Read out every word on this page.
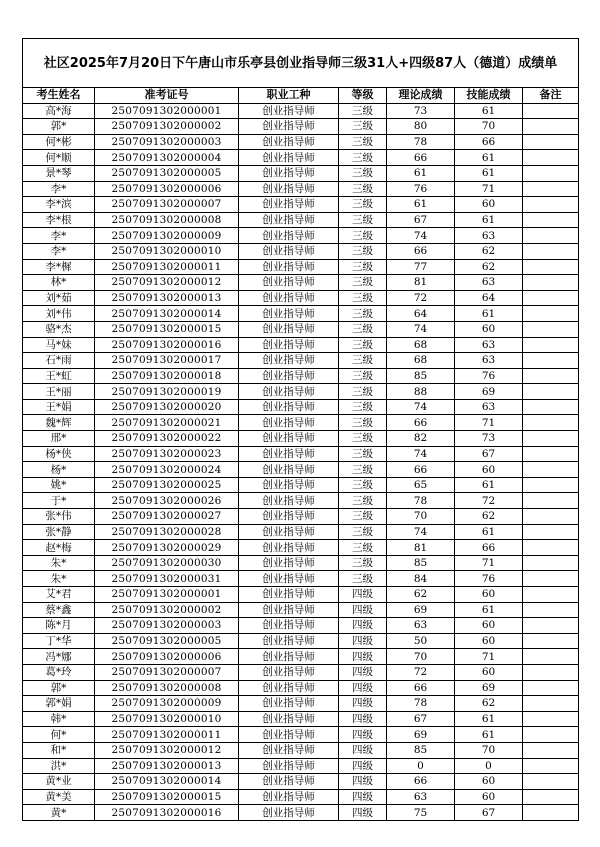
社区2025年7月20日下午唐山市乐亭县创业指导师三级31人+四级87人（德道）成绩单						
考生姓名	准考证号	职业工种	等级	理论成绩	技能成绩	备注
高*海	2507091302000001	创业指导师	三级	73	61	
郭*	2507091302000002	创业指导师	三级	80	70	
何*彬	2507091302000003	创业指导师	三级	78	66	
何*顺	2507091302000004	创业指导师	三级	66	61	
景*琴	2507091302000005	创业指导师	三级	61	61	
李*	2507091302000006	创业指导师	三级	76	71	
李*滨	2507091302000007	创业指导师	三级	61	60	
李*根	2507091302000008	创业指导师	三级	67	61	
李*	2507091302000009	创业指导师	三级	74	63	
李*	2507091302000010	创业指导师	三级	66	62	
李*樨	2507091302000011	创业指导师	三级	77	62	
林*	2507091302000012	创业指导师	三级	81	63	
刘*茹	2507091302000013	创业指导师	三级	72	64	
刘*伟	2507091302000014	创业指导师	三级	64	61	
骆*杰	2507091302000015	创业指导师	三级	74	60	
马*妹	2507091302000016	创业指导师	三级	68	63	
石*雨	2507091302000017	创业指导师	三级	68	63	
王*虹	2507091302000018	创业指导师	三级	85	76	
王*丽	2507091302000019	创业指导师	三级	88	69	
王*娟	2507091302000020	创业指导师	三级	74	63	
魏*辉	2507091302000021	创业指导师	三级	66	71	
邢*	2507091302000022	创业指导师	三级	82	73	
杨*侠	2507091302000023	创业指导师	三级	74	67	
杨*	2507091302000024	创业指导师	三级	66	60	
姚*	2507091302000025	创业指导师	三级	65	61	
于*	2507091302000026	创业指导师	三级	78	72	
张*伟	2507091302000027	创业指导师	三级	70	62	
张*静	2507091302000028	创业指导师	三级	74	61	
赵*梅	2507091302000029	创业指导师	三级	81	66	
朱*	2507091302000030	创业指导师	三级	85	71	
朱*	2507091302000031	创业指导师	三级	84	76	
艾*君	2507091302000001	创业指导师	四级	62	60	
蔡*鑫	2507091302000002	创业指导师	四级	69	61	
陈*月	2507091302000003	创业指导师	四级	63	60	
丁*华	2507091302000005	创业指导师	四级	50	60	
冯*娜	2507091302000006	创业指导师	四级	70	71	
葛*玲	2507091302000007	创业指导师	四级	72	60	
郭*	2507091302000008	创业指导师	四级	66	69	
郭*娟	2507091302000009	创业指导师	四级	78	62	
韩*	2507091302000010	创业指导师	四级	67	61	
何*	2507091302000011	创业指导师	四级	69	61	
和*	2507091302000012	创业指导师	四级	85	70	
洪*	2507091302000013	创业指导师	四级	0	0	
黄*业	2507091302000014	创业指导师	四级	66	60	
黄*美	2507091302000015	创业指导师	四级	63	60	
黄*	2507091302000016	创业指导师	四级	75	67	
